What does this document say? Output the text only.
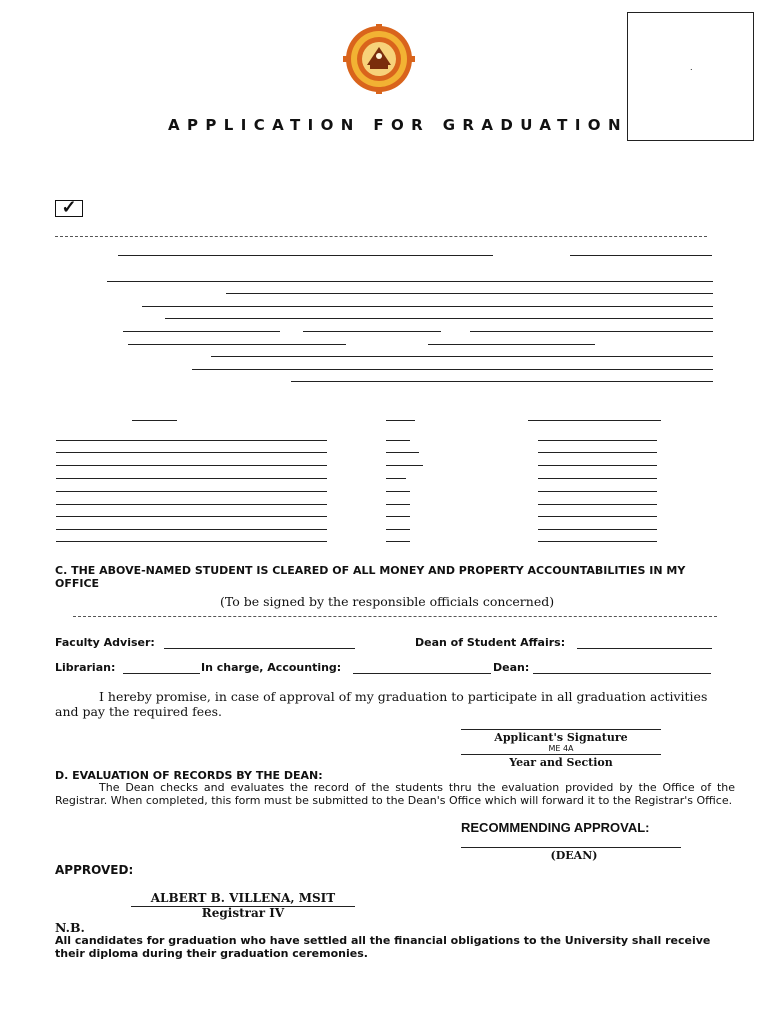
.
APPLICATION FOR GRADUATION
✓
C. THE ABOVE-NAMED STUDENT IS CLEARED OF ALL MONEY AND PROPERTY ACCOUNTABILITIES IN MY OFFICE
(To be signed by the responsible officials concerned)
Faculty Adviser:	Dean of Student Affairs:
Librarian:	In charge, Accounting:	Dean:
I hereby promise, in case of approval of my graduation to participate in all graduation activities and pay the required fees.
Applicant's Signature
ME 4A
Year and Section
D. EVALUATION OF RECORDS BY THE DEAN:
The Dean checks and evaluates the record of the students thru the evaluation provided by the Office of the Registrar. When completed, this form must be submitted to the Dean's Office which will forward it to the Registrar's Office.
RECOMMENDING APPROVAL:
(DEAN)
APPROVED:
ALBERT B. VILLENA, MSIT
Registrar IV
N.B.
All candidates for graduation who have settled all the financial obligations to the University shall receive their diploma during their graduation ceremonies.
